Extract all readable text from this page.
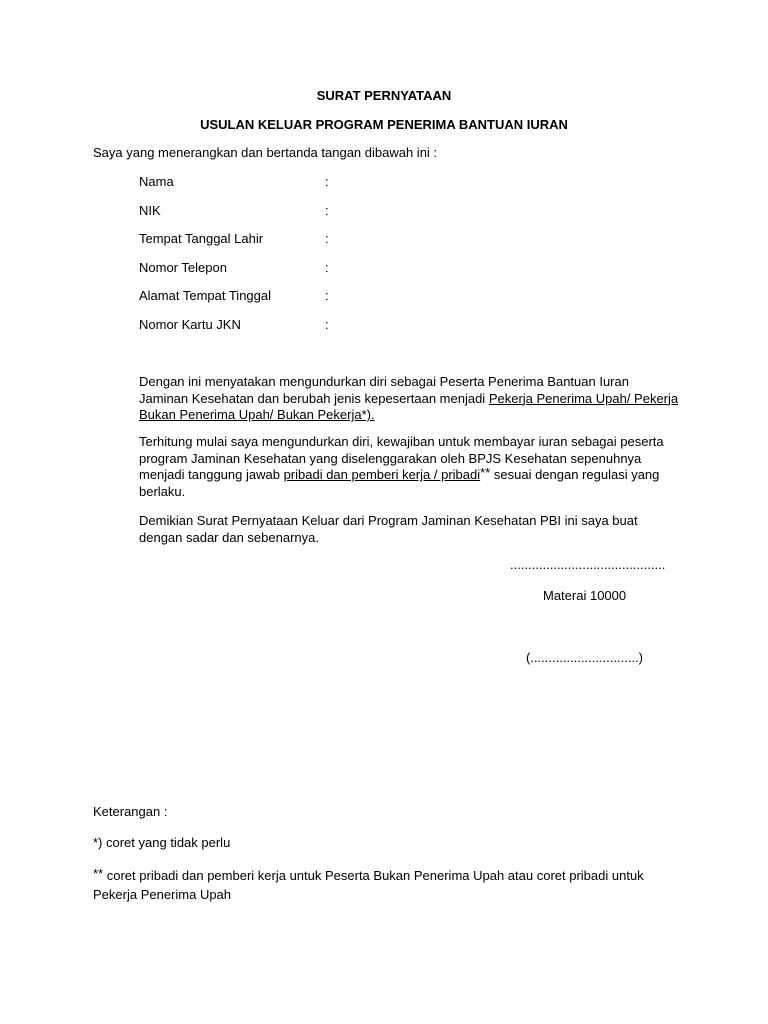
SURAT PERNYATAAN
USULAN KELUAR PROGRAM PENERIMA BANTUAN IURAN
Saya yang menerangkan dan bertanda tangan dibawah ini :
Nama	:
NIK	:
Tempat Tanggal Lahir	:
Nomor Telepon	:
Alamat Tempat Tinggal	:
Nomor Kartu JKN	:
Dengan ini menyatakan mengundurkan diri sebagai Peserta Penerima Bantuan Iuran Jaminan Kesehatan dan berubah jenis kepesertaan menjadi Pekerja Penerima Upah/ Pekerja Bukan Penerima Upah/ Bukan Pekerja*).
Terhitung mulai saya mengundurkan diri, kewajiban untuk membayar iuran sebagai peserta program Jaminan Kesehatan yang diselenggarakan oleh BPJS Kesehatan sepenuhnya menjadi tanggung jawab pribadi dan pemberi kerja / pribadi** sesuai dengan regulasi yang berlaku.
Demikian Surat Pernyataan Keluar dari Program Jaminan Kesehatan PBI ini saya buat dengan sadar dan sebenarnya.
...........................................
Materai 10000
(..............................)
Keterangan :
*) coret yang tidak perlu
** coret pribadi dan pemberi kerja untuk Peserta Bukan Penerima Upah atau coret pribadi untuk Pekerja Penerima Upah
